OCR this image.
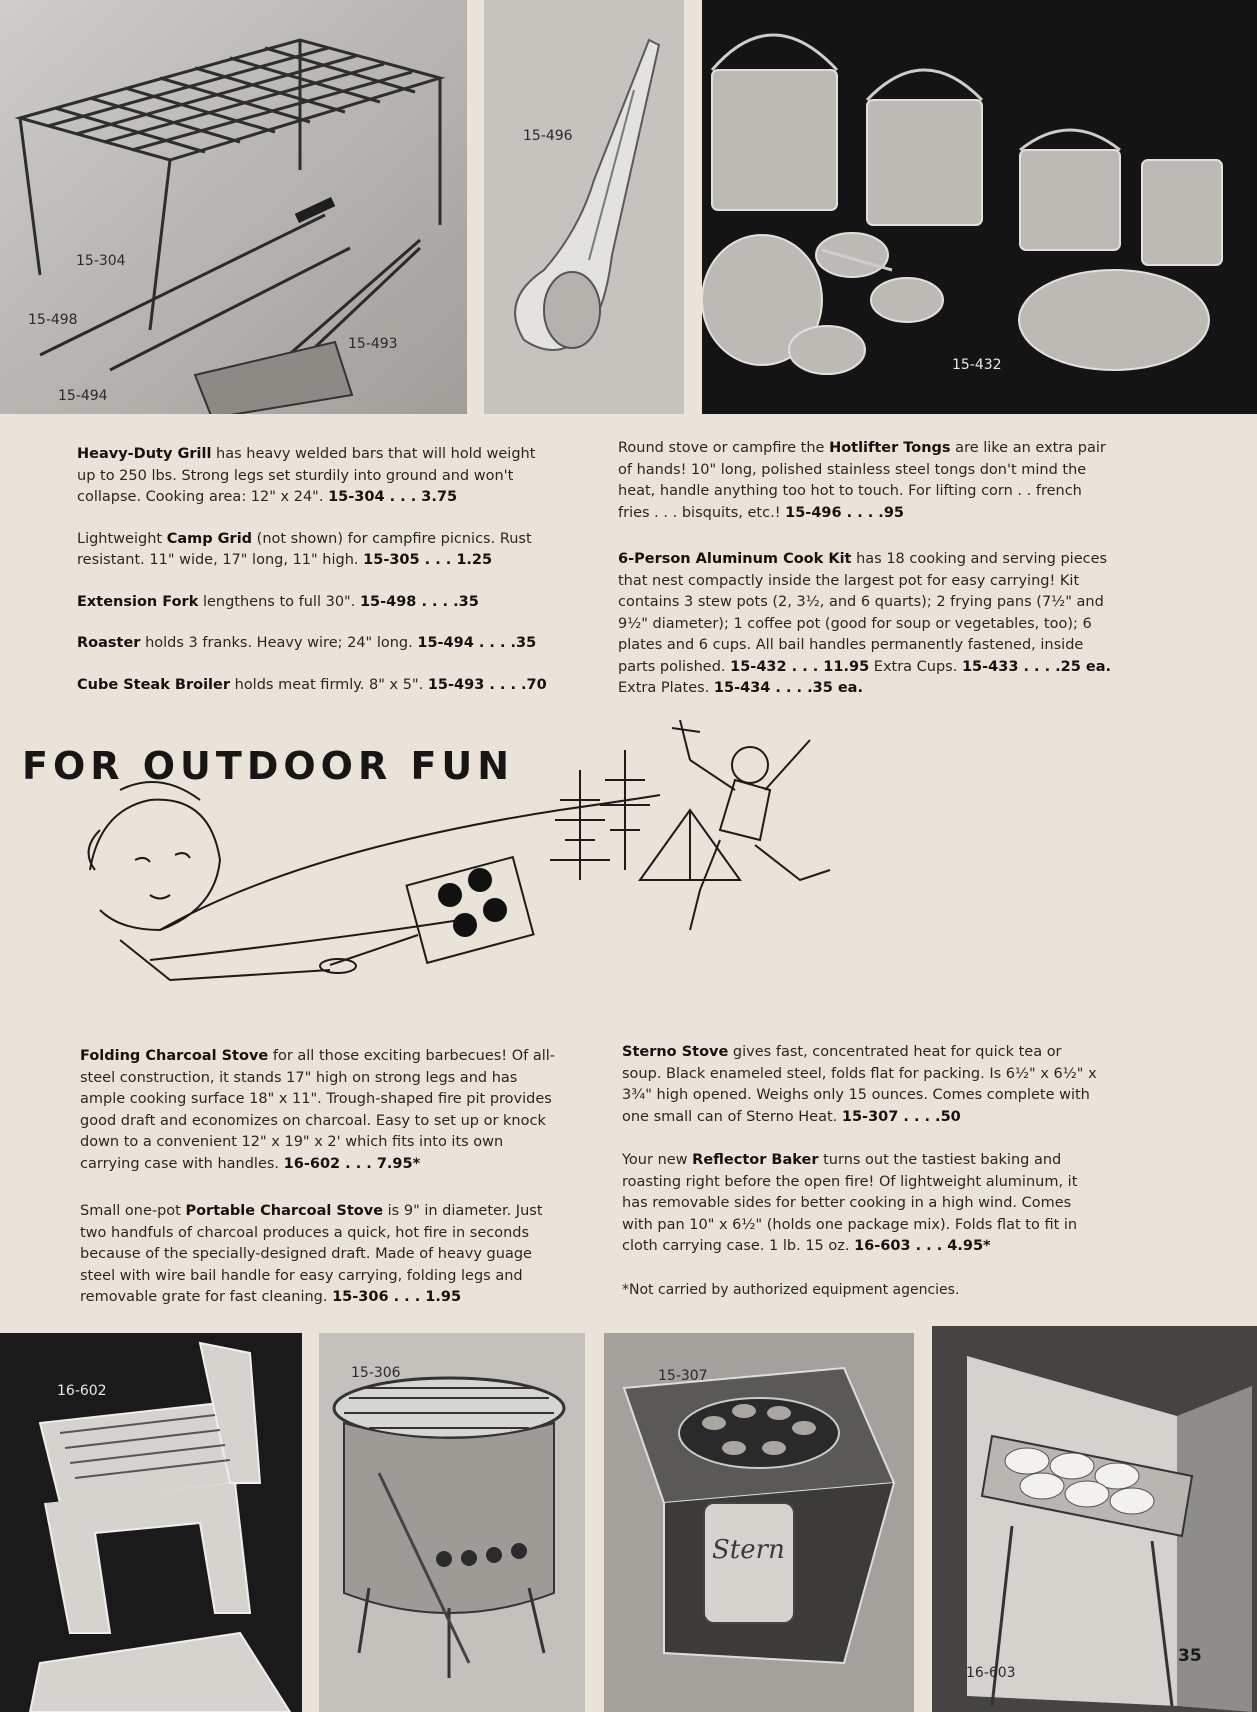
15-304
15-498
15-493
15-494
15-496
15-432

Heavy-Duty Grill has heavy welded bars that will hold weight up to 250 lbs. Strong legs set sturdily into ground and won't collapse. Cooking area: 12" x 24". 15-304 . . . 3.75

Lightweight Camp Grid (not shown) for campfire picnics. Rust resistant. 11" wide, 17" long, 11" high. 15-305 . . . 1.25

Extension Fork lengthens to full 30". 15-498 . . . .35

Roaster holds 3 franks. Heavy wire; 24" long. 15-494 . . . .35

Cube Steak Broiler holds meat firmly. 8" x 5". 15-493 . . . .70

Round stove or campfire the Hotlifter Tongs are like an extra pair of hands! 10" long, polished stainless steel tongs don't mind the heat, handle anything too hot to touch. For lifting corn . . french fries . . . bisquits, etc.! 15-496 . . . .95

6-Person Aluminum Cook Kit has 18 cooking and serving pieces that nest compactly inside the largest pot for easy carrying! Kit contains 3 stew pots (2, 3½, and 6 quarts); 2 frying pans (7½" and 9½" diameter); 1 coffee pot (good for soup or vegetables, too); 6 plates and 6 cups. All bail handles permanently fastened, inside parts polished. 15-432 . . . 11.95 Extra Cups. 15-433 . . . .25 ea. Extra Plates. 15-434 . . . .35 ea.

FOR OUTDOOR FUN

Folding Charcoal Stove for all those exciting barbecues! Of all-steel construction, it stands 17" high on strong legs and has ample cooking surface 18" x 11". Trough-shaped fire pit provides good draft and economizes on charcoal. Easy to set up or knock down to a convenient 12" x 19" x 2' which fits into its own carrying case with handles. 16-602 . . . 7.95*

Small one-pot Portable Charcoal Stove is 9" in diameter. Just two handfuls of charcoal produces a quick, hot fire in seconds because of the specially-designed draft. Made of heavy guage steel with wire bail handle for easy carrying, folding legs and removable grate for fast cleaning. 15-306 . . . 1.95

Sterno Stove gives fast, concentrated heat for quick tea or soup. Black enameled steel, folds flat for packing. Is 6½" x 6½" x 3¾" high opened. Weighs only 15 ounces. Comes complete with one small can of Sterno Heat. 15-307 . . . .50

Your new Reflector Baker turns out the tastiest baking and roasting right before the open fire! Of lightweight aluminum, it has removable sides for better cooking in a high wind. Comes with pan 10" x 6½" (holds one package mix). Folds flat to fit in cloth carrying case. 1 lb. 15 oz. 16-603 . . . 4.95*

*Not carried by authorized equipment agencies.

16-602
15-306
Stern
15-307
16-603
35
